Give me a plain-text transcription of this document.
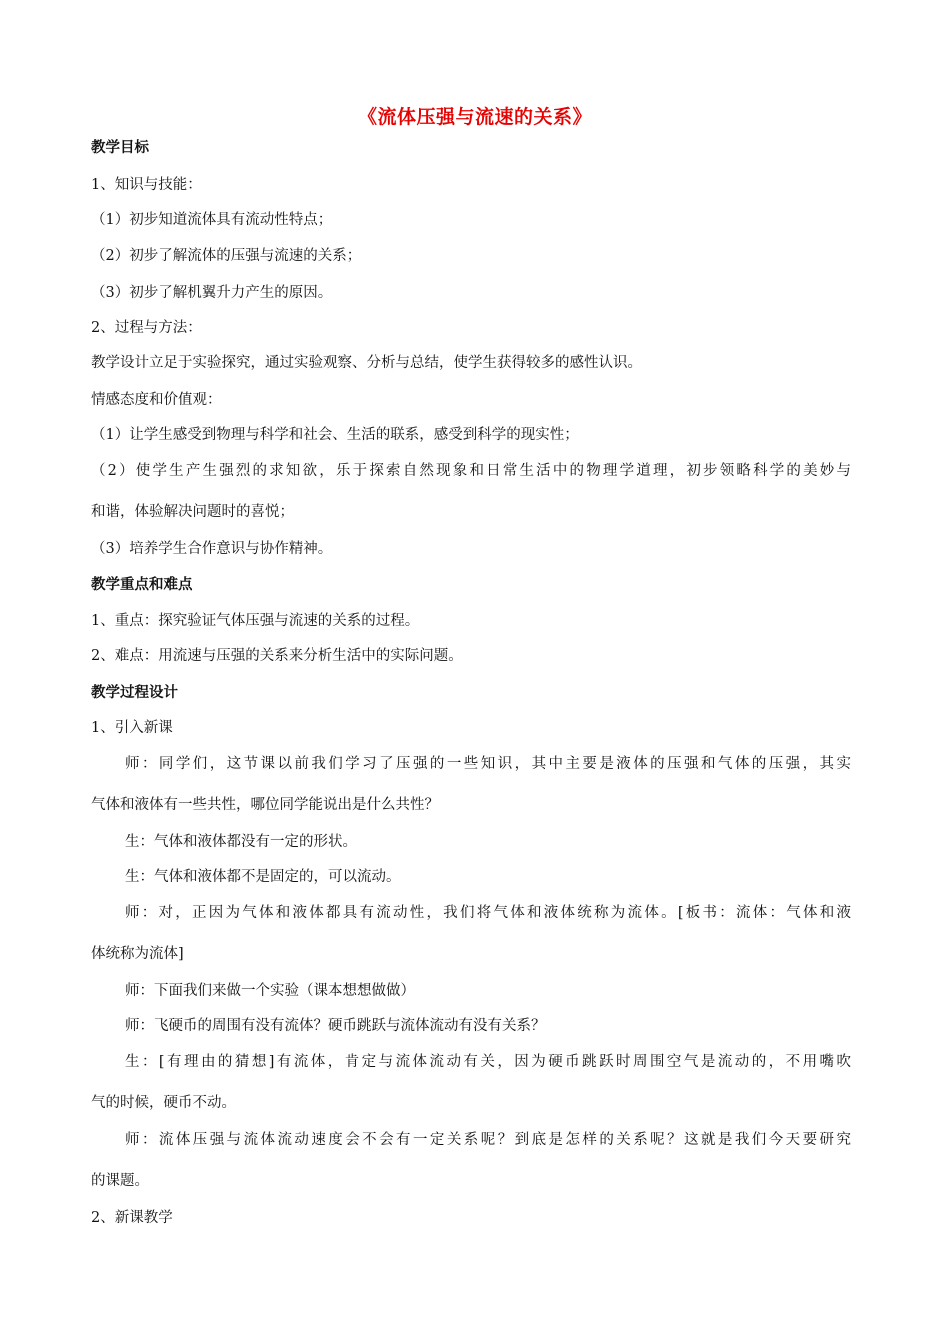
《流体压强与流速的关系》
教学目标
1、知识与技能：
（1）初步知道流体具有流动性特点；
（2）初步了解流体的压强与流速的关系；
（3）初步了解机翼升力产生的原因。
2、过程与方法：
教学设计立足于实验探究，通过实验观察、分析与总结，使学生获得较多的感性认识。
情感态度和价值观：
（1）让学生感受到物理与科学和社会、生活的联系，感受到科学的现实性；
（2）使学生产生强烈的求知欲，乐于探索自然现象和日常生活中的物理学道理，初步领略科学的美妙与
和谐，体验解决问题时的喜悦；
（3）培养学生合作意识与协作精神。
教学重点和难点
1、重点：探究验证气体压强与流速的关系的过程。
2、难点：用流速与压强的关系来分析生活中的实际问题。
教学过程设计
1、引入新课
师：同学们，这节课以前我们学习了压强的一些知识，其中主要是液体的压强和气体的压强，其实
气体和液体有一些共性，哪位同学能说出是什么共性？
生：气体和液体都没有一定的形状。
生：气体和液体都不是固定的，可以流动。
师：对，正因为气体和液体都具有流动性，我们将气体和液体统称为流体。[板书：流体：气体和液
体统称为流体]
师：下面我们来做一个实验（课本想想做做）
师：飞硬币的周围有没有流体？硬币跳跃与流体流动有没有关系？
生：[有理由的猜想]有流体，肯定与流体流动有关，因为硬币跳跃时周围空气是流动的，不用嘴吹
气的时候，硬币不动。
师：流体压强与流体流动速度会不会有一定关系呢？到底是怎样的关系呢？这就是我们今天要研究
的课题。
2、新课教学
